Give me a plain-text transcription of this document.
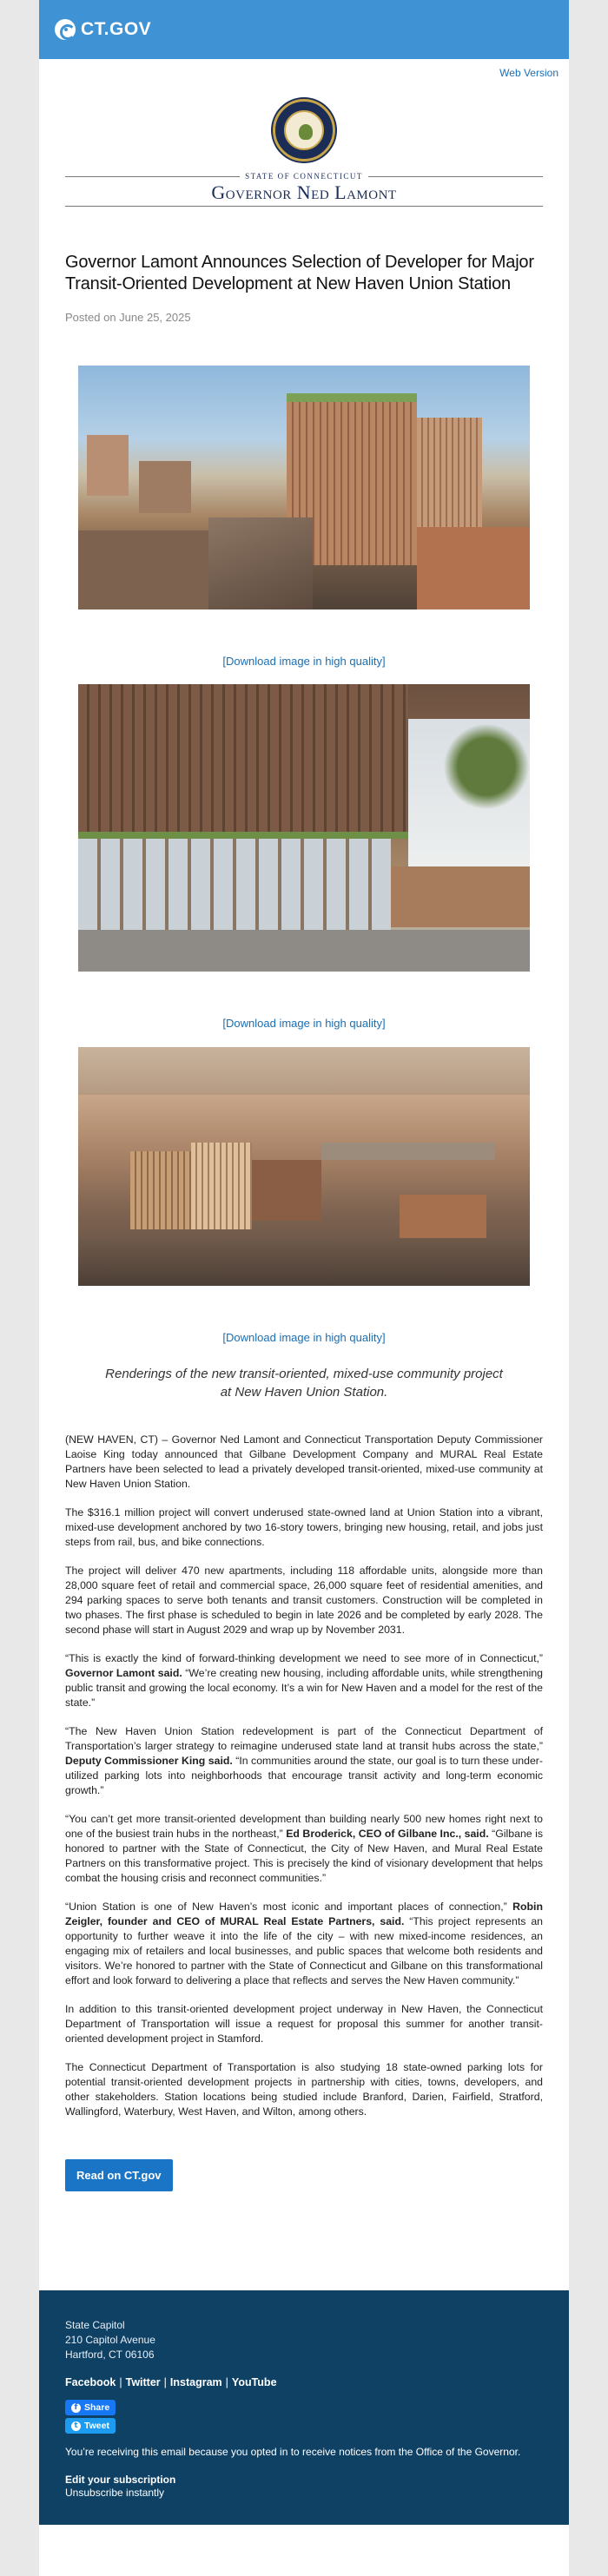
CT.GOV
Web Version
STATE OF CONNECTICUT
Governor Ned Lamont
Governor Lamont Announces Selection of Developer for Major Transit-Oriented Development at New Haven Union Station
Posted on June 25, 2025
[Download image in high quality]
[Download image in high quality]
[Download image in high quality]
Renderings of the new transit-oriented, mixed-use community project at New Haven Union Station.

(NEW HAVEN, CT) – Governor Ned Lamont and Connecticut Transportation Deputy Commissioner Laoise King today announced that Gilbane Development Company and MURAL Real Estate Partners have been selected to lead a privately developed transit-oriented, mixed-use community at New Haven Union Station.

The $316.1 million project will convert underused state-owned land at Union Station into a vibrant, mixed-use development anchored by two 16-story towers, bringing new housing, retail, and jobs just steps from rail, bus, and bike connections.

The project will deliver 470 new apartments, including 118 affordable units, alongside more than 28,000 square feet of retail and commercial space, 26,000 square feet of residential amenities, and 294 parking spaces to serve both tenants and transit customers. Construction will be completed in two phases. The first phase is scheduled to begin in late 2026 and be completed by early 2028. The second phase will start in August 2029 and wrap up by November 2031.

“This is exactly the kind of forward-thinking development we need to see more of in Connecticut,” Governor Lamont said. “We’re creating new housing, including affordable units, while strengthening public transit and growing the local economy. It’s a win for New Haven and a model for the rest of the state.”

“The New Haven Union Station redevelopment is part of the Connecticut Department of Transportation’s larger strategy to reimagine underused state land at transit hubs across the state,” Deputy Commissioner King said. “In communities around the state, our goal is to turn these under-utilized parking lots into neighborhoods that encourage transit activity and long-term economic growth.”

“You can’t get more transit-oriented development than building nearly 500 new homes right next to one of the busiest train hubs in the northeast,” Ed Broderick, CEO of Gilbane Inc., said. “Gilbane is honored to partner with the State of Connecticut, the City of New Haven, and Mural Real Estate Partners on this transformative project. This is precisely the kind of visionary development that helps combat the housing crisis and reconnect communities.”

“Union Station is one of New Haven’s most iconic and important places of connection,” Robin Zeigler, founder and CEO of MURAL Real Estate Partners, said. “This project represents an opportunity to further weave it into the life of the city – with new mixed-income residences, an engaging mix of retailers and local businesses, and public spaces that welcome both residents and visitors. We’re honored to partner with the State of Connecticut and Gilbane on this transformational effort and look forward to delivering a place that reflects and serves the New Haven community.”

In addition to this transit-oriented development project underway in New Haven, the Connecticut Department of Transportation will issue a request for proposal this summer for another transit-oriented development project in Stamford.

The Connecticut Department of Transportation is also studying 18 state-owned parking lots for potential transit-oriented development projects in partnership with cities, towns, developers, and other stakeholders. Station locations being studied include Branford, Darien, Fairfield, Stratford, Wallingford, Waterbury, West Haven, and Wilton, among others.

Read on CT.gov
State Capitol
210 Capitol Avenue
Hartford, CT 06106
Facebook | Twitter | Instagram | YouTube
f Share
t Tweet
You’re receiving this email because you opted in to receive notices from the Office of the Governor.
Edit your subscription
Unsubscribe instantly
